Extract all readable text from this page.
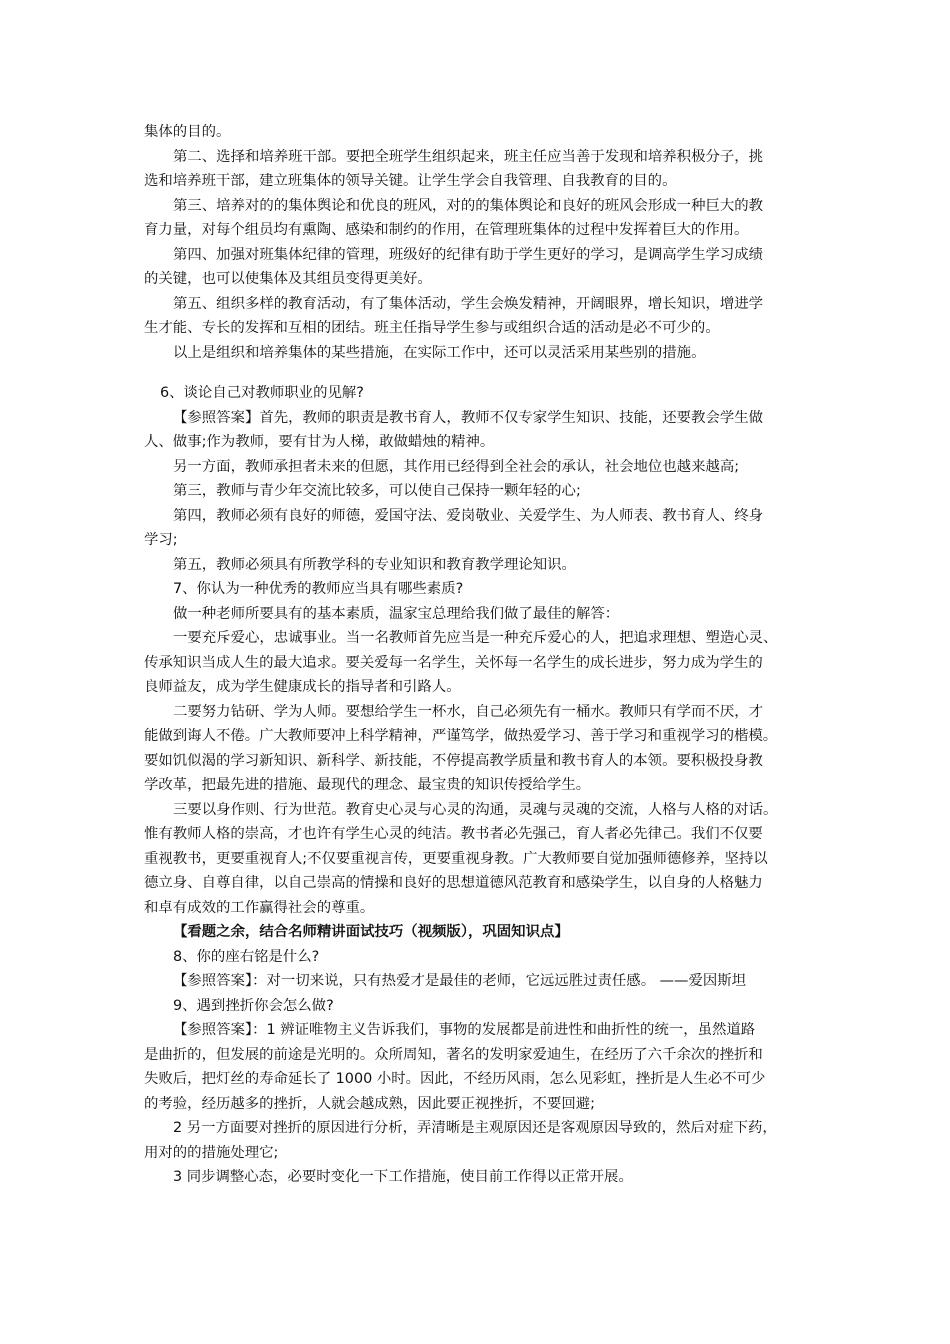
集体的目的。
第二、选择和培养班干部。要把全班学生组织起来，班主任应当善于发现和培养积极分子，挑
选和培养班干部，建立班集体的领导关键。让学生学会自我管理、自我教育的目的。
第三、培养对的的集体舆论和优良的班风，对的的集体舆论和良好的班风会形成一种巨大的教
育力量，对每个组员均有熏陶、感染和制约的作用，在管理班集体的过程中发挥着巨大的作用。
第四、加强对班集体纪律的管理，班级好的纪律有助于学生更好的学习，是调高学生学习成绩
的关键，也可以使集体及其组员变得更美好。
第五、组织多样的教育活动，有了集体活动，学生会焕发精神，开阔眼界，增长知识，增进学
生才能、专长的发挥和互相的团结。班主任指导学生参与或组织合适的活动是必不可少的。
以上是组织和培养集体的某些措施，在实际工作中，还可以灵活采用某些别的措施。
6、谈论自己对教师职业的见解?
【参照答案】首先，教师的职责是教书育人，教师不仅专家学生知识、技能，还要教会学生做
人、做事;作为教师，要有甘为人梯，敢做蜡烛的精神。
另一方面，教师承担者未来的但愿，其作用已经得到全社会的承认，社会地位也越来越高;
第三，教师与青少年交流比较多，可以使自己保持一颗年轻的心;
第四，教师必须有良好的师德，爱国守法、爱岗敬业、关爱学生、为人师表、教书育人、终身
学习;
第五，教师必须具有所教学科的专业知识和教育教学理论知识。
7、你认为一种优秀的教师应当具有哪些素质?
做一种老师所要具有的基本素质，温家宝总理给我们做了最佳的解答：
一要充斥爱心，忠诚事业。当一名教师首先应当是一种充斥爱心的人，把追求理想、塑造心灵、
传承知识当成人生的最大追求。要关爱每一名学生，关怀每一名学生的成长进步，努力成为学生的
良师益友，成为学生健康成长的指导者和引路人。
二要努力钻研、学为人师。要想给学生一杯水，自己必须先有一桶水。教师只有学而不厌，才
能做到诲人不倦。广大教师要冲上科学精神，严谨笃学，做热爱学习、善于学习和重视学习的楷模。
要如饥似渴的学习新知识、新科学、新技能，不停提高教学质量和教书育人的本领。要积极投身教
学改革，把最先进的措施、最现代的理念、最宝贵的知识传授给学生。
三要以身作则、行为世范。教育史心灵与心灵的沟通，灵魂与灵魂的交流，人格与人格的对话。
惟有教师人格的崇高，才也许有学生心灵的纯洁。教书者必先强己，育人者必先律己。我们不仅要
重视教书，更要重视育人;不仅要重视言传，更要重视身教。广大教师要自觉加强师德修养，坚持以
德立身、自尊自律，以自己崇高的情操和良好的思想道德风范教育和感染学生，以自身的人格魅力
和卓有成效的工作赢得社会的尊重。
【看题之余，结合名师精讲面试技巧（视频版），巩固知识点】
8、你的座右铭是什么?
【参照答案】：对一切来说，只有热爱才是最佳的老师，它远远胜过责任感。 ——爱因斯坦
9、遇到挫折你会怎么做?
【参照答案】：1 辨证唯物主义告诉我们，事物的发展都是前进性和曲折性的统一，虽然道路
是曲折的，但发展的前途是光明的。众所周知，著名的发明家爱迪生，在经历了六千余次的挫折和
失败后，把灯丝的寿命延长了 1000 小时。因此，不经历风雨，怎么见彩虹，挫折是人生必不可少
的考验，经历越多的挫折，人就会越成熟，因此要正视挫折，不要回避;
2 另一方面要对挫折的原因进行分析，弄清晰是主观原因还是客观原因导致的，然后对症下药，
用对的的措施处理它;
3 同步调整心态，必要时变化一下工作措施，使目前工作得以正常开展。
